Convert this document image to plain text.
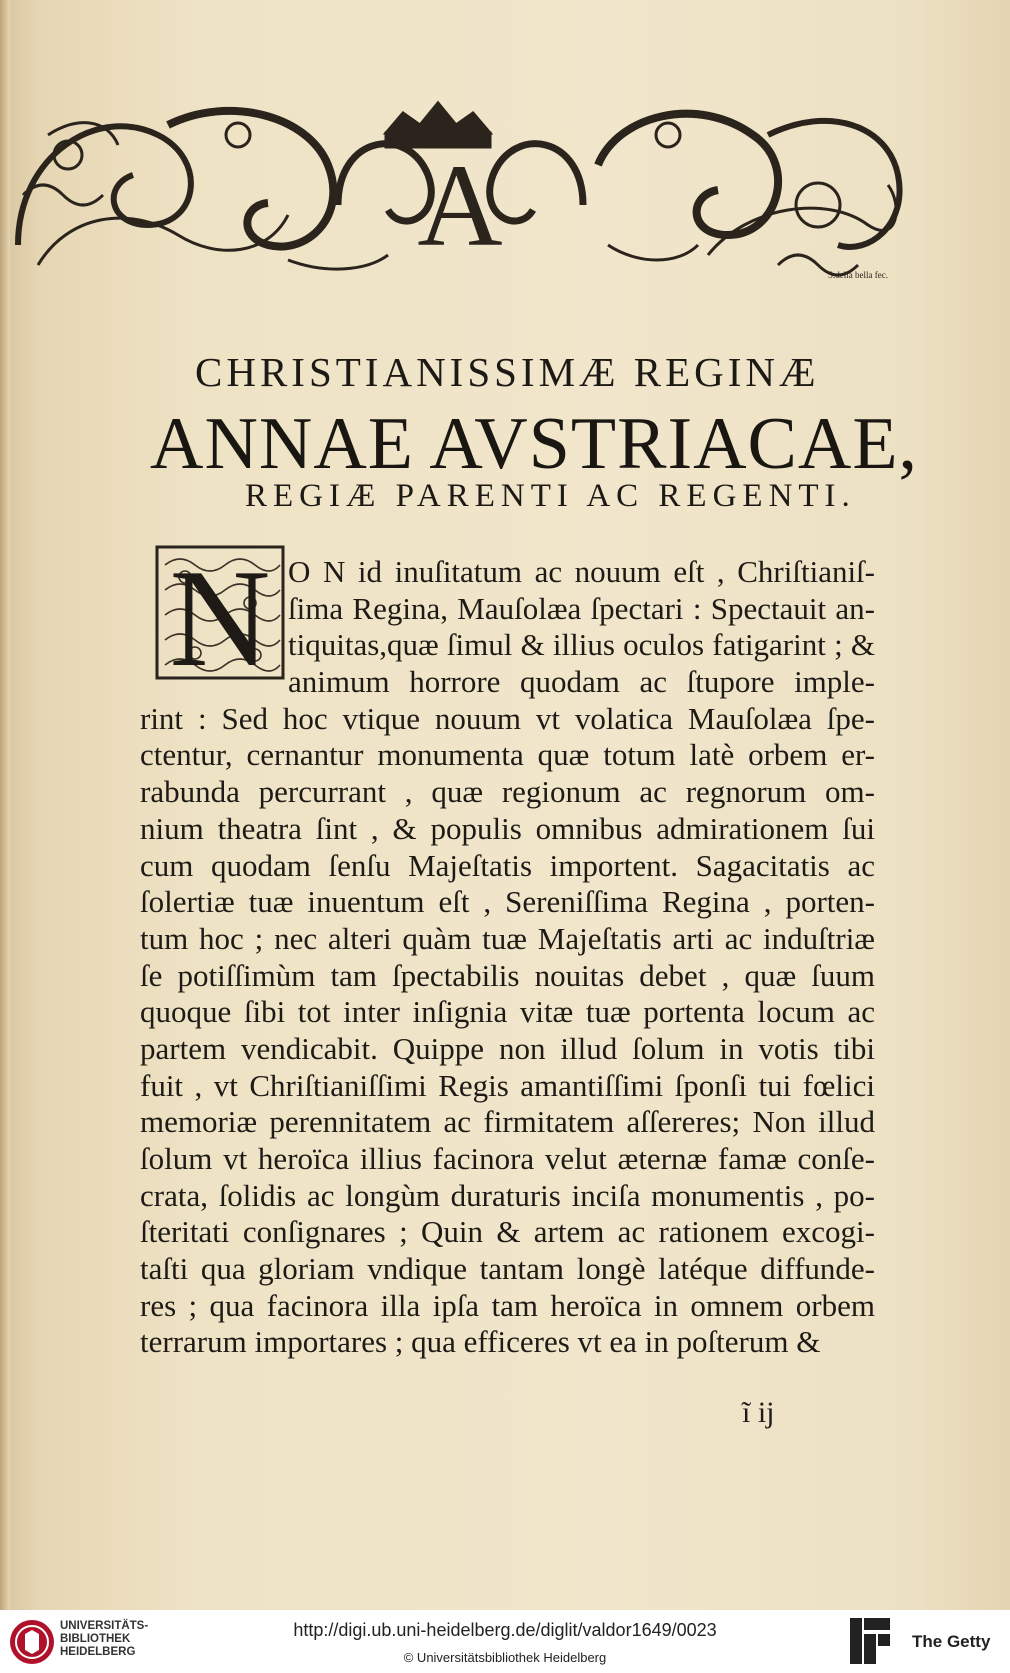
A
S.della bella fec.
CHRISTIANISSIMÆ REGINÆ
ANNAE AVSTRIACAE,
REGIÆ PARENTI AC REGENTI.
N O N id inuſitatum ac nouum eſt , Chriſtianiſ-
ſima Regina, Mauſolæa ſpectari : Spectauit an-
tiquitas,quæ ſimul & illius oculos fatigarint ; &
animum horrore quodam ac ſtupore imple-
rint : Sed hoc vtique nouum vt volatica Mauſolæa ſpe-
ctentur, cernantur monumenta quæ totum latè orbem er-
rabunda percurrant , quæ regionum ac regnorum om-
nium theatra ſint , & populis omnibus admirationem ſui
cum quodam ſenſu Majeſtatis importent. Sagacitatis ac
ſolertiæ tuæ inuentum eſt , Sereniſſima Regina , porten-
tum hoc ; nec alteri quàm tuæ Majeſtatis arti ac induſtriæ
ſe potiſſimùm tam ſpectabilis nouitas debet , quæ ſuum
quoque ſibi tot inter inſignia vitæ tuæ portenta locum ac
partem vendicabit. Quippe non illud ſolum in votis tibi
fuit , vt Chriſtianiſſimi Regis amantiſſimi ſponſi tui fœlici
memoriæ perennitatem ac firmitatem aſſereres; Non illud
ſolum vt heroïca illius facinora velut æternæ famæ conſe-
crata, ſolidis ac longùm duraturis inciſa monumentis , po-
ſteritati conſignares ; Quin & artem ac rationem excogi-
taſti qua gloriam vndique tantam longè latéque diffunde-
res ; qua facinora illa ipſa tam heroïca in omnem orbem
terrarum importares ; qua efficeres vt ea in poſterum &
ĩ ij
UNIVERSITÄTS-
BIBLIOTHEK
HEIDELBERG
http://digi.ub.uni-heidelberg.de/diglit/valdor1649/0023
© Universitätsbibliothek Heidelberg
The Getty
